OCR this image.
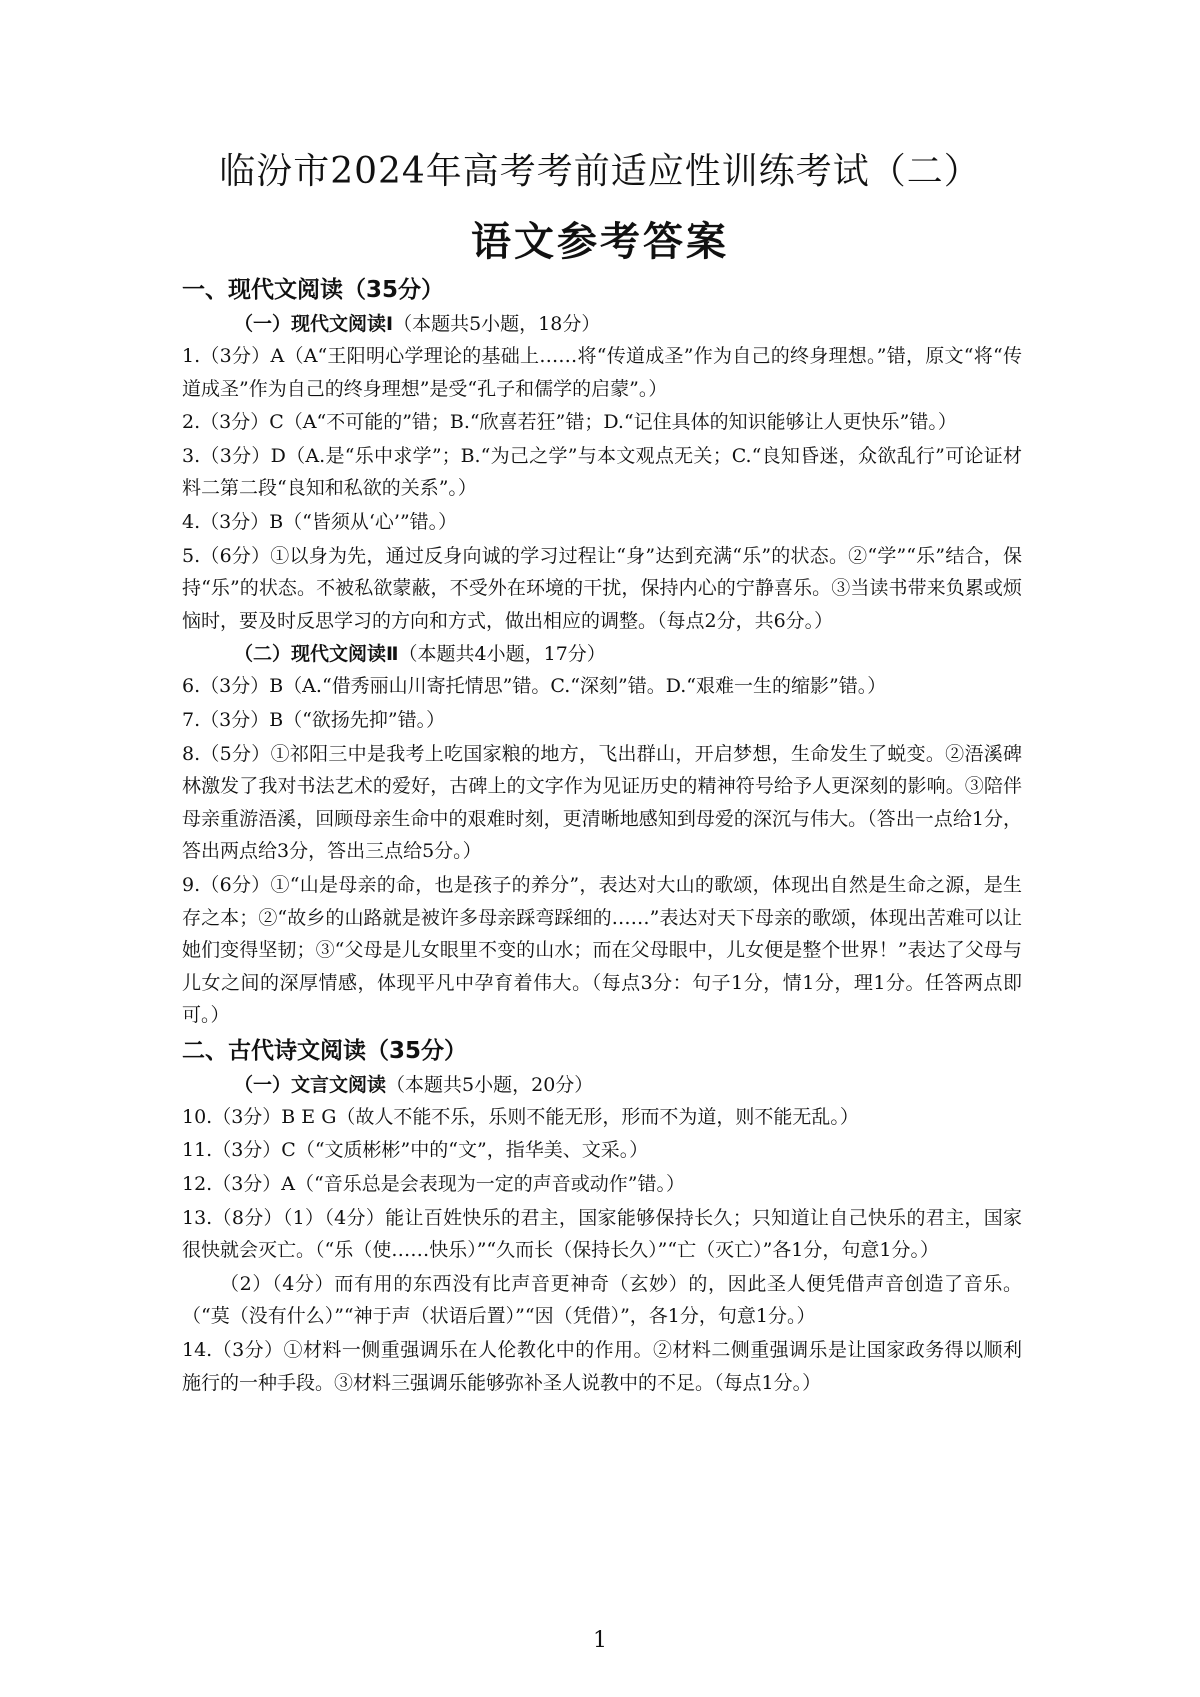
临汾市2024年高考考前适应性训练考试（二）
语文参考答案
一、现代文阅读（35分）
（一）现代文阅读Ⅰ（本题共5小题，18分）
1.（3分）A（A“王阳明心学理论的基础上……将“传道成圣”作为自己的终身理想。”错，原文“将“传道成圣”作为自己的终身理想”是受“孔子和儒学的启蒙”。）
2.（3分）C（A“不可能的”错；B.“欣喜若狂”错；D.“记住具体的知识能够让人更快乐”错。）
3.（3分）D（A.是“乐中求学”；B.“为己之学”与本文观点无关；C.“良知昏迷，众欲乱行”可论证材料二第二段“良知和私欲的关系”。）
4.（3分）B（“皆须从‘心’”错。）
5.（6分）①以身为先，通过反身向诚的学习过程让“身”达到充满“乐”的状态。②“学”“乐”结合，保持“乐”的状态。不被私欲蒙蔽，不受外在环境的干扰，保持内心的宁静喜乐。③当读书带来负累或烦恼时，要及时反思学习的方向和方式，做出相应的调整。（每点2分，共6分。）
（二）现代文阅读Ⅱ（本题共4小题，17分）
6.（3分）B（A.“借秀丽山川寄托情思”错。C.“深刻”错。D.“艰难一生的缩影”错。）
7.（3分）B（“欲扬先抑”错。）
8.（5分）①祁阳三中是我考上吃国家粮的地方，飞出群山，开启梦想，生命发生了蜕变。②浯溪碑林激发了我对书法艺术的爱好，古碑上的文字作为见证历史的精神符号给予人更深刻的影响。③陪伴母亲重游浯溪，回顾母亲生命中的艰难时刻，更清晰地感知到母爱的深沉与伟大。（答出一点给1分，答出两点给3分，答出三点给5分。）
9.（6分）①“山是母亲的命，也是孩子的养分”，表达对大山的歌颂，体现出自然是生命之源，是生存之本；②“故乡的山路就是被许多母亲踩弯踩细的……”表达对天下母亲的歌颂，体现出苦难可以让她们变得坚韧；③“父母是儿女眼里不变的山水；而在父母眼中，儿女便是整个世界！”表达了父母与儿女之间的深厚情感，体现平凡中孕育着伟大。（每点3分：句子1分，情1分，理1分。任答两点即可。）
二、古代诗文阅读（35分）
（一）文言文阅读（本题共5小题，20分）
10.（3分）B E G（故人不能不乐，乐则不能无形，形而不为道，则不能无乱。）
11.（3分）C（“文质彬彬”中的“文”，指华美、文采。）
12.（3分）A（“音乐总是会表现为一定的声音或动作”错。）
13.（8分）（1）（4分）能让百姓快乐的君主，国家能够保持长久；只知道让自己快乐的君主，国家很快就会灭亡。（“乐（使……快乐）”“久而长（保持长久）”“亡（灭亡）”各1分，句意1分。）
（2）（4分）而有用的东西没有比声音更神奇（玄妙）的，因此圣人便凭借声音创造了音乐。（“莫（没有什么）”“神于声（状语后置）”“因（凭借）”，各1分，句意1分。）
14.（3分）①材料一侧重强调乐在人伦教化中的作用。②材料二侧重强调乐是让国家政务得以顺利施行的一种手段。③材料三强调乐能够弥补圣人说教中的不足。（每点1分。）
1
